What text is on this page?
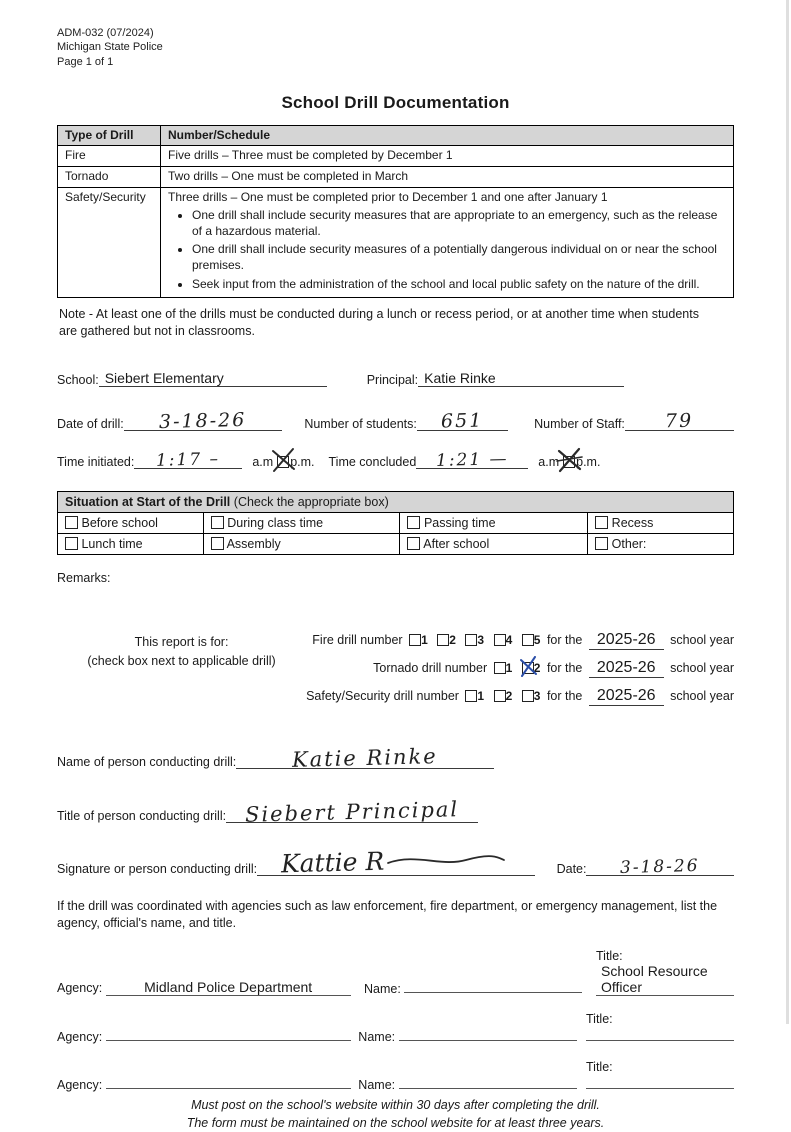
ADM-032 (07/2024)
Michigan State Police
Page 1 of 1
School Drill Documentation
Type of Drill	Number/Schedule
Fire	Five drills – Three must be completed by December 1
Tornado	Two drills – One must be completed in March
Safety/Security	Three drills – One must be completed prior to December 1 and one after January 1
• One drill shall include security measures that are appropriate to an emergency, such as the release of a hazardous material.
• One drill shall include security measures of a potentially dangerous individual on or near the school premises.
• Seek input from the administration of the school and local public safety on the nature of the drill.
Note - At least one of the drills must be conducted during a lunch or recess period, or at another time when students are gathered but not in classrooms.
School: Siebert Elementary	Principal: Katie Rinke
Date of drill:	3-18-26	Number of students:	651	Number of Staff:	79
Time initiated:	1:17 –	a.m p.m. Time concluded	1:21 —	a.m p.m.
Situation at Start of the Drill (Check the appropriate box)			
Before school	During class time	Passing time	Recess
Lunch time	Assembly	After school	Other:
Remarks:
This report is for:
(check box next to applicable drill)
Fire drill number 1 2 3 4 5 for the 2025-26 school year
Tornado drill number 1 2 for the 2025-26 school year
Safety/Security drill number 1 2 3 for the 2025-26 school year
Name of person conducting drill:	Katie Rinke
Title of person conducting drill: Siebert Principal
Signature or person conducting drill: Kattie R	Date:	3-18-26
If the drill was coordinated with agencies such as law enforcement, fire department, or emergency management, list the agency, official's name, and title.
Agency:	Midland Police Department	Name:
Title: School Resource Officer
Agency:	Name:
Title:
Agency:	Name:
Title:
Must post on the school's website within 30 days after completing the drill.
The form must be maintained on the school website for at least three years.
